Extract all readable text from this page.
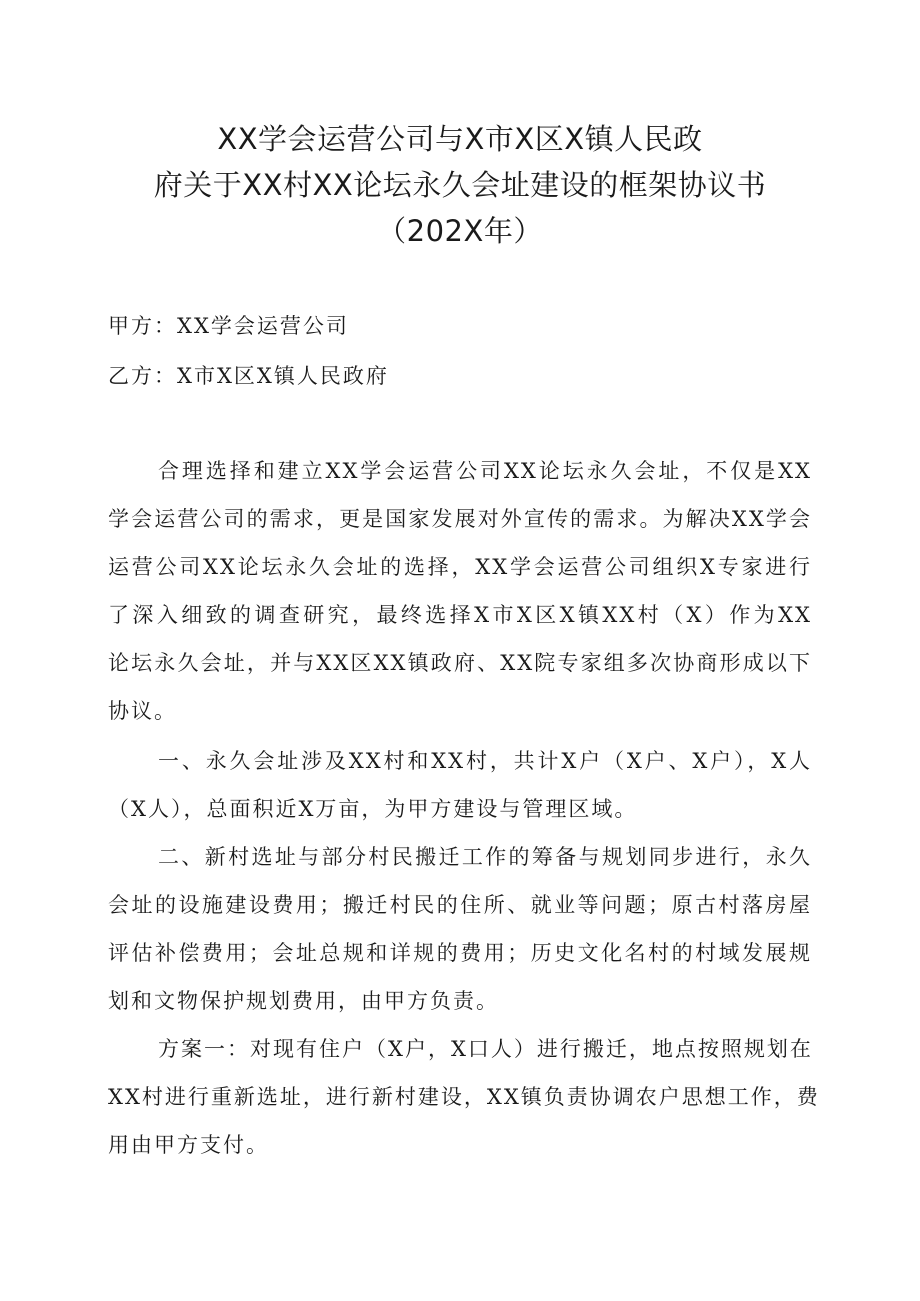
XX学会运营公司与X市X区X镇人民政
府关于XX村XX论坛永久会址建设的框架协议书
（202X年）
甲方：XX学会运营公司
乙方：X市X区X镇人民政府
合理选择和建立XX学会运营公司XX论坛永久会址，不仅是XX
学会运营公司的需求，更是国家发展对外宣传的需求。为解决XX学会
运营公司XX论坛永久会址的选择，XX学会运营公司组织X专家进行
了深入细致的调查研究，最终选择X市X区X镇XX村（X）作为XX
论坛永久会址，并与XX区XX镇政府、XX院专家组多次协商形成以下
协议。
一、永久会址涉及XX村和XX村，共计X户（X户、X户），X人
（X人），总面积近X万亩，为甲方建设与管理区域。
二、新村选址与部分村民搬迁工作的筹备与规划同步进行，永久
会址的设施建设费用；搬迁村民的住所、就业等问题；原古村落房屋
评估补偿费用；会址总规和详规的费用；历史文化名村的村域发展规
划和文物保护规划费用，由甲方负责。
方案一：对现有住户（X户，X口人）进行搬迁，地点按照规划在
XX村进行重新选址，进行新村建设，XX镇负责协调农户思想工作，费
用由甲方支付。
